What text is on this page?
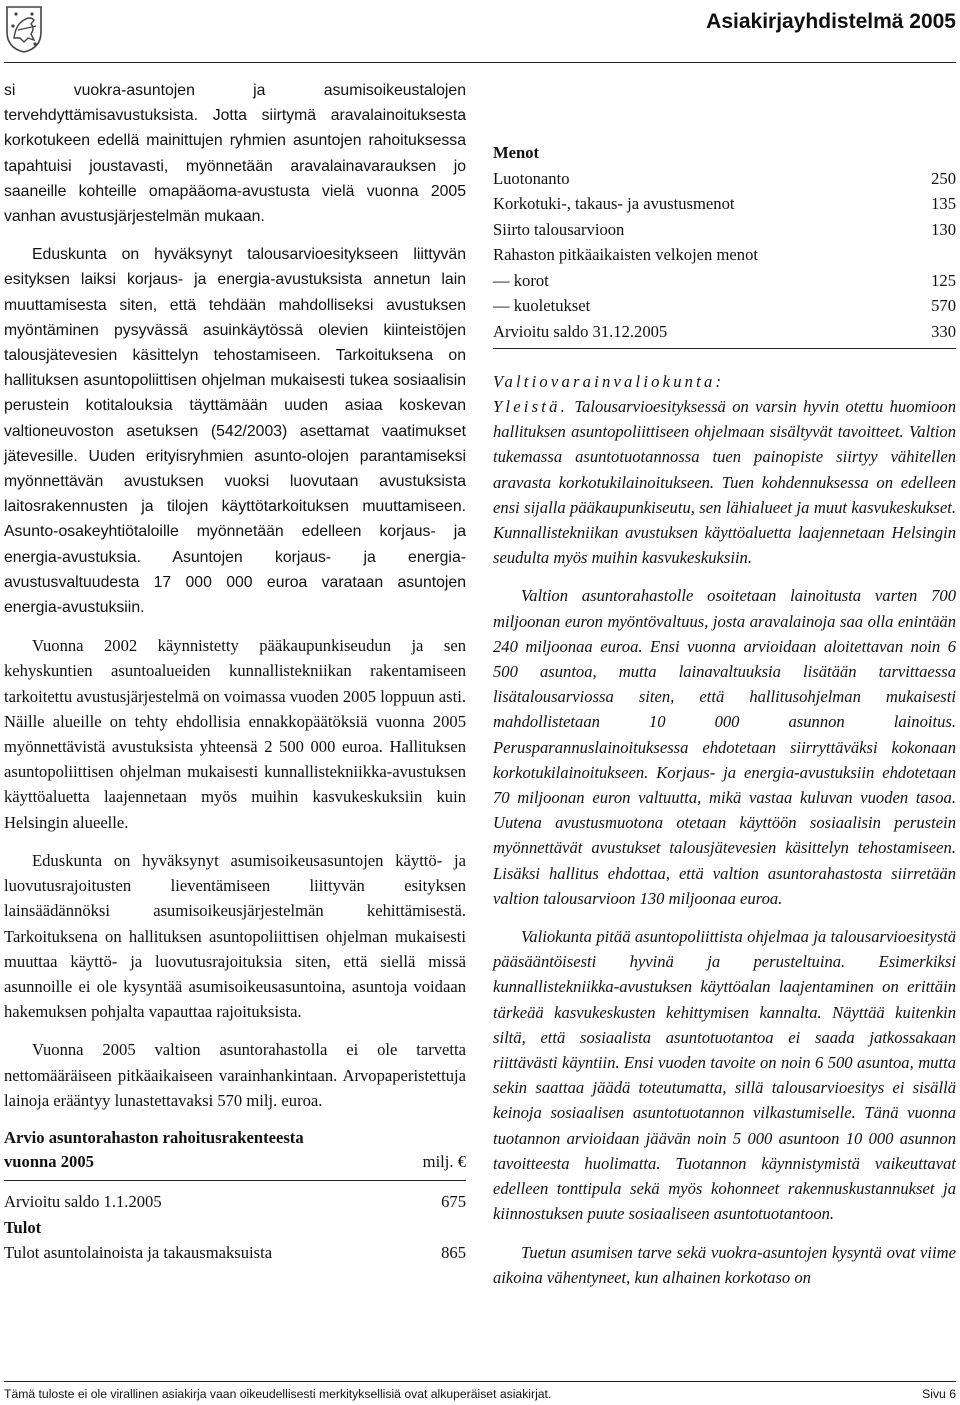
Asiakirjayhdistelmä 2005

si vuokra-asuntojen ja asumisoikeustalojen tervehdyttämisavustuksista. Jotta siirtymä aravalainoituksesta korkotukeen edellä mainittujen ryhmien asuntojen rahoituksessa tapahtuisi joustavasti, myönnetään aravalainavarauksen jo saaneille kohteille omapääoma-avustusta vielä vuonna 2005 vanhan avustusjärjestelmän mukaan.

Eduskunta on hyväksynyt talousarvioesitykseen liittyvän esityksen laiksi korjaus- ja energia-avustuksista annetun lain muuttamisesta siten, että tehdään mahdolliseksi avustuksen myöntäminen pysyvässä asuinkäytössä olevien kiinteistöjen talousjätevesien käsittelyn tehostamiseen. Tarkoituksena on hallituksen asuntopoliittisen ohjelman mukaisesti tukea sosiaalisin perustein kotitalouksia täyttämään uuden asiaa koskevan valtioneuvoston asetuksen (542/2003) asettamat vaatimukset jätevesille. Uuden erityisryhmien asunto-olojen parantamiseksi myönnettävän avustuksen vuoksi luovutaan avustuksista laitosrakennusten ja tilojen käyttötarkoituksen muuttamiseen. Asunto-osakeyhtiötaloille myönnetään edelleen korjaus- ja energia-avustuksia. Asuntojen korjaus- ja energia-avustusvaltuudesta 17 000 000 euroa varataan asuntojen energia-avustuksiin.

Vuonna 2002 käynnistetty pääkaupunkiseudun ja sen kehyskuntien asuntoalueiden kunnallistekniikan rakentamiseen tarkoitettu avustusjärjestelmä on voimassa vuoden 2005 loppuun asti. Näille alueille on tehty ehdollisia ennakkopäätöksiä vuonna 2005 myönnettävistä avustuksista yhteensä 2 500 000 euroa. Hallituksen asuntopoliittisen ohjelman mukaisesti kunnallistekniikka-avustuksen käyttöaluetta laajennetaan myös muihin kasvukeskuksiin kuin Helsingin alueelle.

Eduskunta on hyväksynyt asumisoikeusasuntojen käyttö- ja luovutusrajoitusten lieventämiseen liittyvän esityksen lainsäädännöksi asumisoikeusjärjestelmän kehittämisestä. Tarkoituksena on hallituksen asuntopoliittisen ohjelman mukaisesti muuttaa käyttö- ja luovutusrajoituksia siten, että siellä missä asunnoille ei ole kysyntää asumisoikeusasuntoina, asuntoja voidaan hakemuksen pohjalta vapauttaa rajoituksista.

Vuonna 2005 valtion asuntorahastolla ei ole tarvetta nettomääräiseen pitkäaikaiseen varainhankintaan. Arvopaperistettuja lainoja erääntyy lunastettavaksi 570 milj. euroa.

Arvio asuntorahaston rahoitusrakenteesta
vuonna 2005	milj. €
Arvioitu saldo 1.1.2005	675
Tulot
Tulot asuntolainoista ja takausmaksuista	865
Menot
Luotonanto	250
Korkotuki-, takaus- ja avustusmenot	135
Siirto talousarvioon	130
Rahaston pitkäaikaisten velkojen menot
— korot	125
— kuoletukset	570
Arvioitu saldo 31.12.2005	330
Valtiovarainvaliokunta:

Yleistä. Talousarvioesityksessä on varsin hyvin otettu huomioon hallituksen asuntopoliittiseen ohjelmaan sisältyvät tavoitteet. Valtion tukemassa asuntotuotannossa tuen painopiste siirtyy vähitellen aravasta korkotukilainoitukseen. Tuen kohdennuksessa on edelleen ensi sijalla pääkaupunkiseutu, sen lähialueet ja muut kasvukeskukset. Kunnallistekniikan avustuksen käyttöaluetta laajennetaan Helsingin seudulta myös muihin kasvukeskuksiin.

Valtion asuntorahastolle osoitetaan lainoitusta varten 700 miljoonan euron myöntövaltuus, josta aravalainoja saa olla enintään 240 miljoonaa euroa. Ensi vuonna arvioidaan aloitettavan noin 6 500 asuntoa, mutta lainavaltuuksia lisätään tarvittaessa lisätalousarviossa siten, että hallitusohjelman mukaisesti mahdollistetaan 10 000 asunnon lainoitus. Perusparannuslainoituksessa ehdotetaan siirryttäväksi kokonaan korkotukilainoitukseen. Korjaus- ja energia-avustuksiin ehdotetaan 70 miljoonan euron valtuutta, mikä vastaa kuluvan vuoden tasoa. Uutena avustusmuotona otetaan käyttöön sosiaalisin perustein myönnettävät avustukset talousjätevesien käsittelyn tehostamiseen. Lisäksi hallitus ehdottaa, että valtion asuntorahastosta siirretään valtion talousarvioon 130 miljoonaa euroa.

Valiokunta pitää asuntopoliittista ohjelmaa ja talousarvioesitystä pääsääntöisesti hyvinä ja perusteltuina. Esimerkiksi kunnallistekniikka-avustuksen käyttöalan laajentaminen on erittäin tärkeää kasvukeskusten kehittymisen kannalta. Näyttää kuitenkin siltä, että sosiaalista asuntotuotantoa ei saada jatkossakaan riittävästi käyntiin. Ensi vuoden tavoite on noin 6 500 asuntoa, mutta sekin saattaa jäädä toteutumatta, sillä talousarvioesitys ei sisällä keinoja sosiaalisen asuntotuotannon vilkastumiselle. Tänä vuonna tuotannon arvioidaan jäävän noin 5 000 asuntoon 10 000 asunnon tavoitteesta huolimatta. Tuotannon käynnistymistä vaikeuttavat edelleen tonttipula sekä myös kohonneet rakennuskustannukset ja kiinnostuksen puute sosiaaliseen asuntotuotantoon.

Tuetun asumisen tarve sekä vuokra-asuntojen kysyntä ovat viime aikoina vähentyneet, kun alhainen korkotaso on

Tämä tuloste ei ole virallinen asiakirja vaan oikeudellisesti merkityksellisiä ovat alkuperäiset asiakirjat.	Sivu 6
